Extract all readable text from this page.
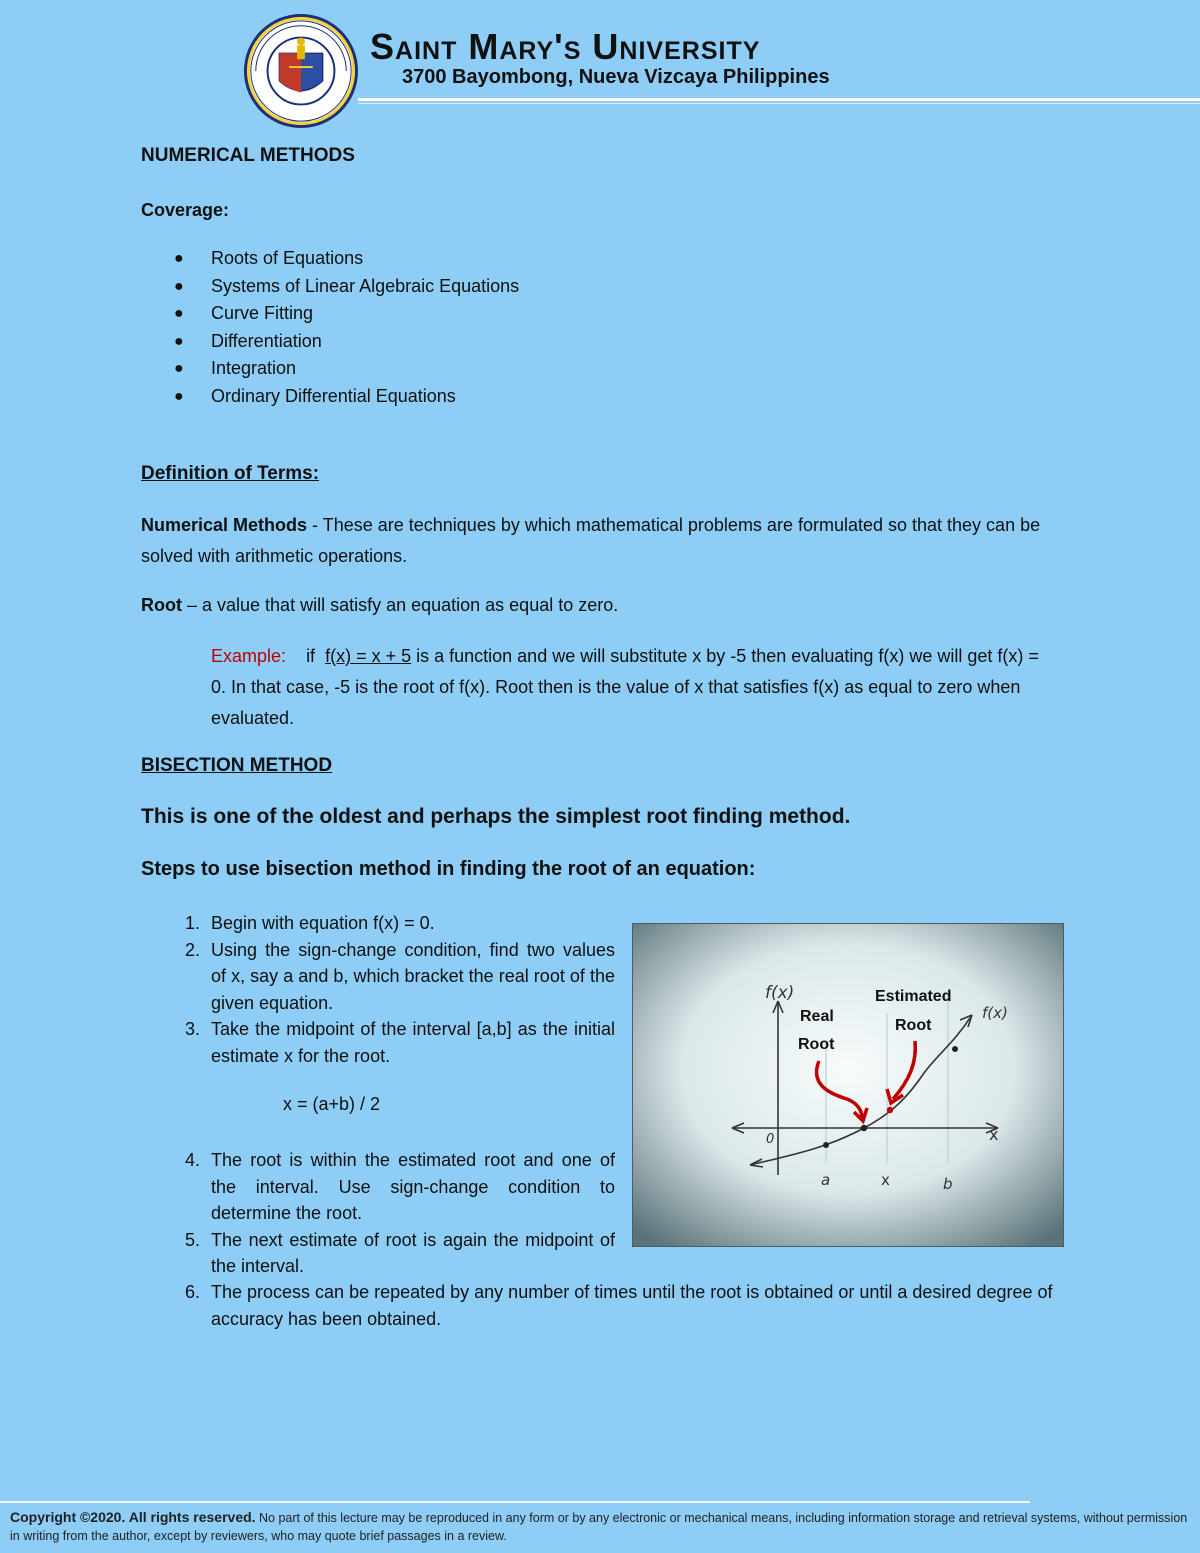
Saint Mary's University
3700 Bayombong, Nueva Vizcaya Philippines
NUMERICAL METHODS
Coverage:
● Roots of Equations
● Systems of Linear Algebraic Equations
● Curve Fitting
● Differentiation
● Integration
● Ordinary Differential Equations
Definition of Terms:
Numerical Methods - These are techniques by which mathematical problems are formulated so that they can be solved with arithmetic operations.
Root – a value that will satisfy an equation as equal to zero.
Example: if f(x) = x + 5 is a function and we will substitute x by -5 then evaluating f(x) we will get f(x) = 0. In that case, -5 is the root of f(x). Root then is the value of x that satisfies f(x) as equal to zero when evaluated.
BISECTION METHOD
This is one of the oldest and perhaps the simplest root finding method.
Steps to use bisection method in finding the root of an equation:
1. Begin with equation f(x) = 0.
2. Using the sign-change condition, find two values of x, say a and b, which bracket the real root of the given equation.
3. Take the midpoint of the interval [a,b] as the initial estimate x for the root.
4. The root is within the estimated root and one of the interval. Use sign-change condition to determine the root.
5. The next estimate of root is again the midpoint of the interval.
x = (a+b) / 2
6. The process can be repeated by any number of times until the root is obtained or until a desired degree of accuracy has been obtained.
f(x)
f(x)
0	x
a	x	b
Real
Root
Estimated
Root
Copyright ©2020. All rights reserved. No part of this lecture may be reproduced in any form or by any electronic or mechanical means, including information storage and retrieval systems, without permission in writing from the author, except by reviewers, who may quote brief passages in a review.
